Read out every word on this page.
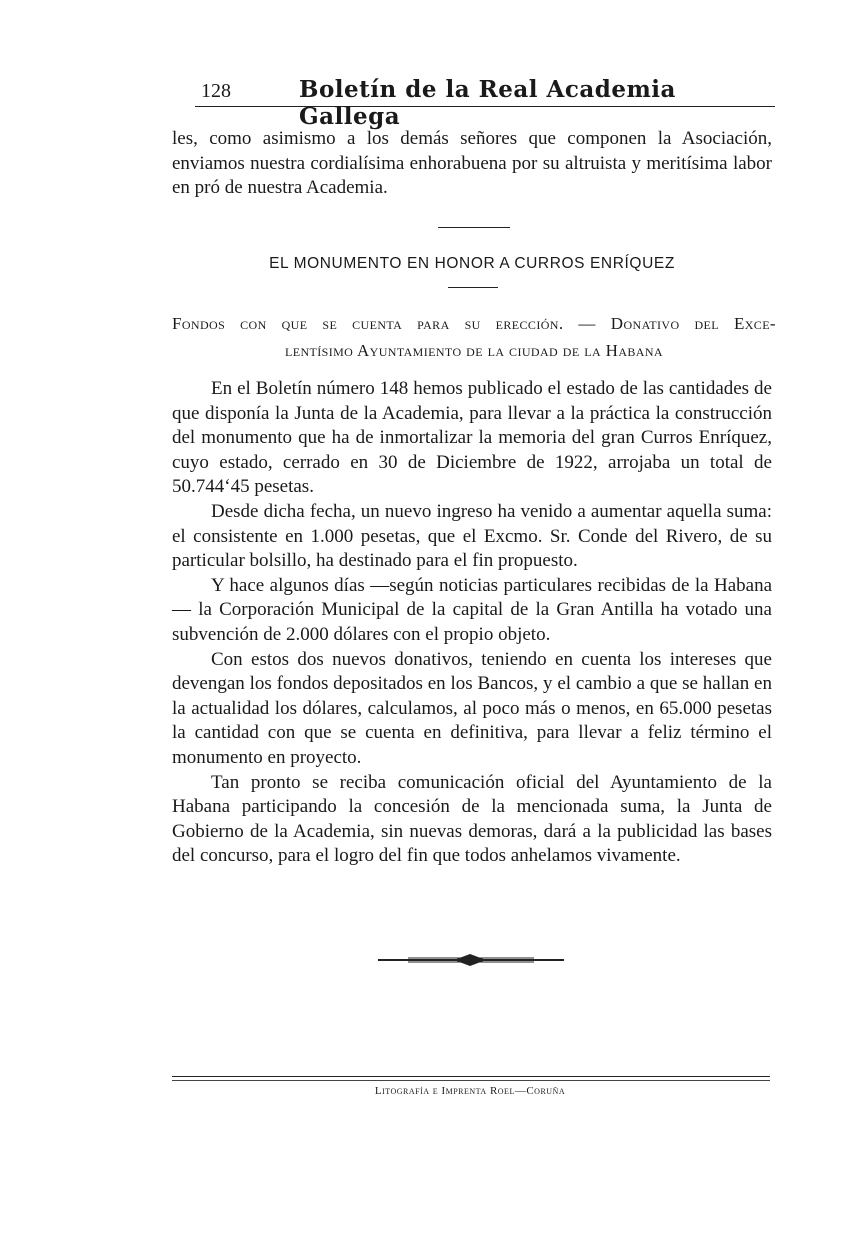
128	Boletín de la Real Academia Gallega

les, como asimismo a los demás señores que componen la Asociación, enviamos nuestra cordialísima enhorabuena por su altruista y meritísima labor en pró de nuestra Academia.

EL MONUMENTO EN HONOR A CURROS ENRÍQUEZ
Fondos con que se cuenta para su erección. — Donativo del Exce-
lentísimo Ayuntamiento de la ciudad de la Habana

En el Boletín número 148 hemos publicado el estado de las cantidades de que disponía la Junta de la Academia, para llevar a la práctica la construcción del monumento que ha de inmortalizar la memoria del gran Curros Enríquez, cuyo estado, cerrado en 30 de Diciembre de 1922, arrojaba un total de 50.744‘45 pesetas.

Desde dicha fecha, un nuevo ingreso ha venido a aumentar aquella suma: el consistente en 1.000 pesetas, que el Excmo. Sr. Conde del Rivero, de su particular bolsillo, ha destinado para el fin propuesto.

Y hace algunos días —según noticias particulares recibidas de la Habana— la Corporación Municipal de la capital de la Gran Antilla ha votado una subvención de 2.000 dólares con el propio objeto.

Con estos dos nuevos donativos, teniendo en cuenta los intereses que devengan los fondos depositados en los Bancos, y el cambio a que se hallan en la actualidad los dólares, calculamos, al poco más o menos, en 65.000 pesetas la cantidad con que se cuenta en definitiva, para llevar a feliz término el monumento en proyecto.

Tan pronto se reciba comunicación oficial del Ayuntamiento de la Habana participando la concesión de la mencionada suma, la Junta de Gobierno de la Academia, sin nuevas demoras, dará a la publicidad las bases del concurso, para el logro del fin que todos anhelamos vivamente.

Litografía e Imprenta Roel—Coruña
